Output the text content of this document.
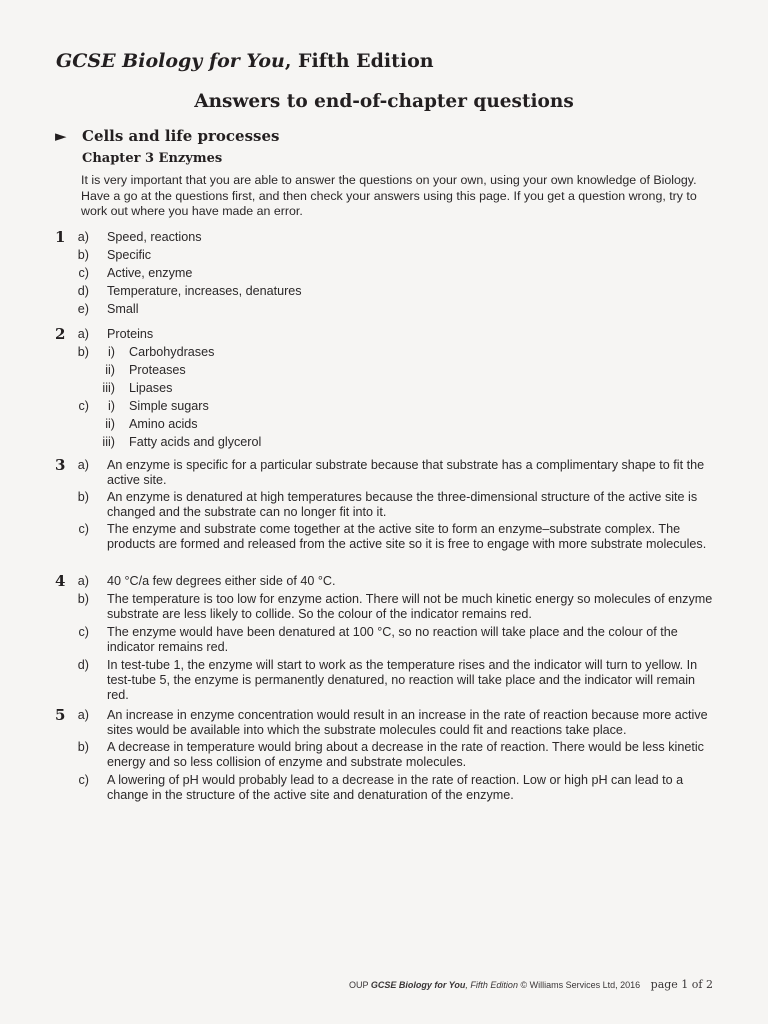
GCSE Biology for You, Fifth Edition
Answers to end-of-chapter questions
► Cells and life processes
Chapter 3 Enzymes
It is very important that you are able to answer the questions on your own, using your own knowledge of Biology. Have a go at the questions first, and then check your answers using this page. If you get a question wrong, try to work out where you have made an error.
1 a) Speed, reactions
b) Specific
c) Active, enzyme
d) Temperature, increases, denatures
e) Small
2 a) Proteins
b)	i) Carbohydrases
ii) Proteases
iii) Lipases
c)	i) Simple sugars
ii) Amino acids
iii) Fatty acids and glycerol
3 a) An enzyme is specific for a particular substrate because that substrate has a complimentary shape to fit the active site.
b) An enzyme is denatured at high temperatures because the three-dimensional structure of the active site is changed and the substrate can no longer fit into it.
c) The enzyme and substrate come together at the active site to form an enzyme–substrate complex. The products are formed and released from the active site so it is free to engage with more substrate molecules.
4 a) 40 °C/a few degrees either side of 40 °C.
b) The temperature is too low for enzyme action. There will not be much kinetic energy so molecules of enzyme substrate are less likely to collide. So the colour of the indicator remains red.
c) The enzyme would have been denatured at 100 °C, so no reaction will take place and the colour of the indicator remains red.
d) In test-tube 1, the enzyme will start to work as the temperature rises and the indicator will turn to yellow. In test-tube 5, the enzyme is permanently denatured, no reaction will take place and the indicator will remain red.
5 a) An increase in enzyme concentration would result in an increase in the rate of reaction because more active sites would be available into which the substrate molecules could fit and reactions take place.
b) A decrease in temperature would bring about a decrease in the rate of reaction. There would be less kinetic energy and so less collision of enzyme and substrate molecules.
c) A lowering of pH would probably lead to a decrease in the rate of reaction. Low or high pH can lead to a change in the structure of the active site and denaturation of the enzyme.
OUP GCSE Biology for You, Fifth Edition © Williams Services Ltd, 2016 page 1 of 2
